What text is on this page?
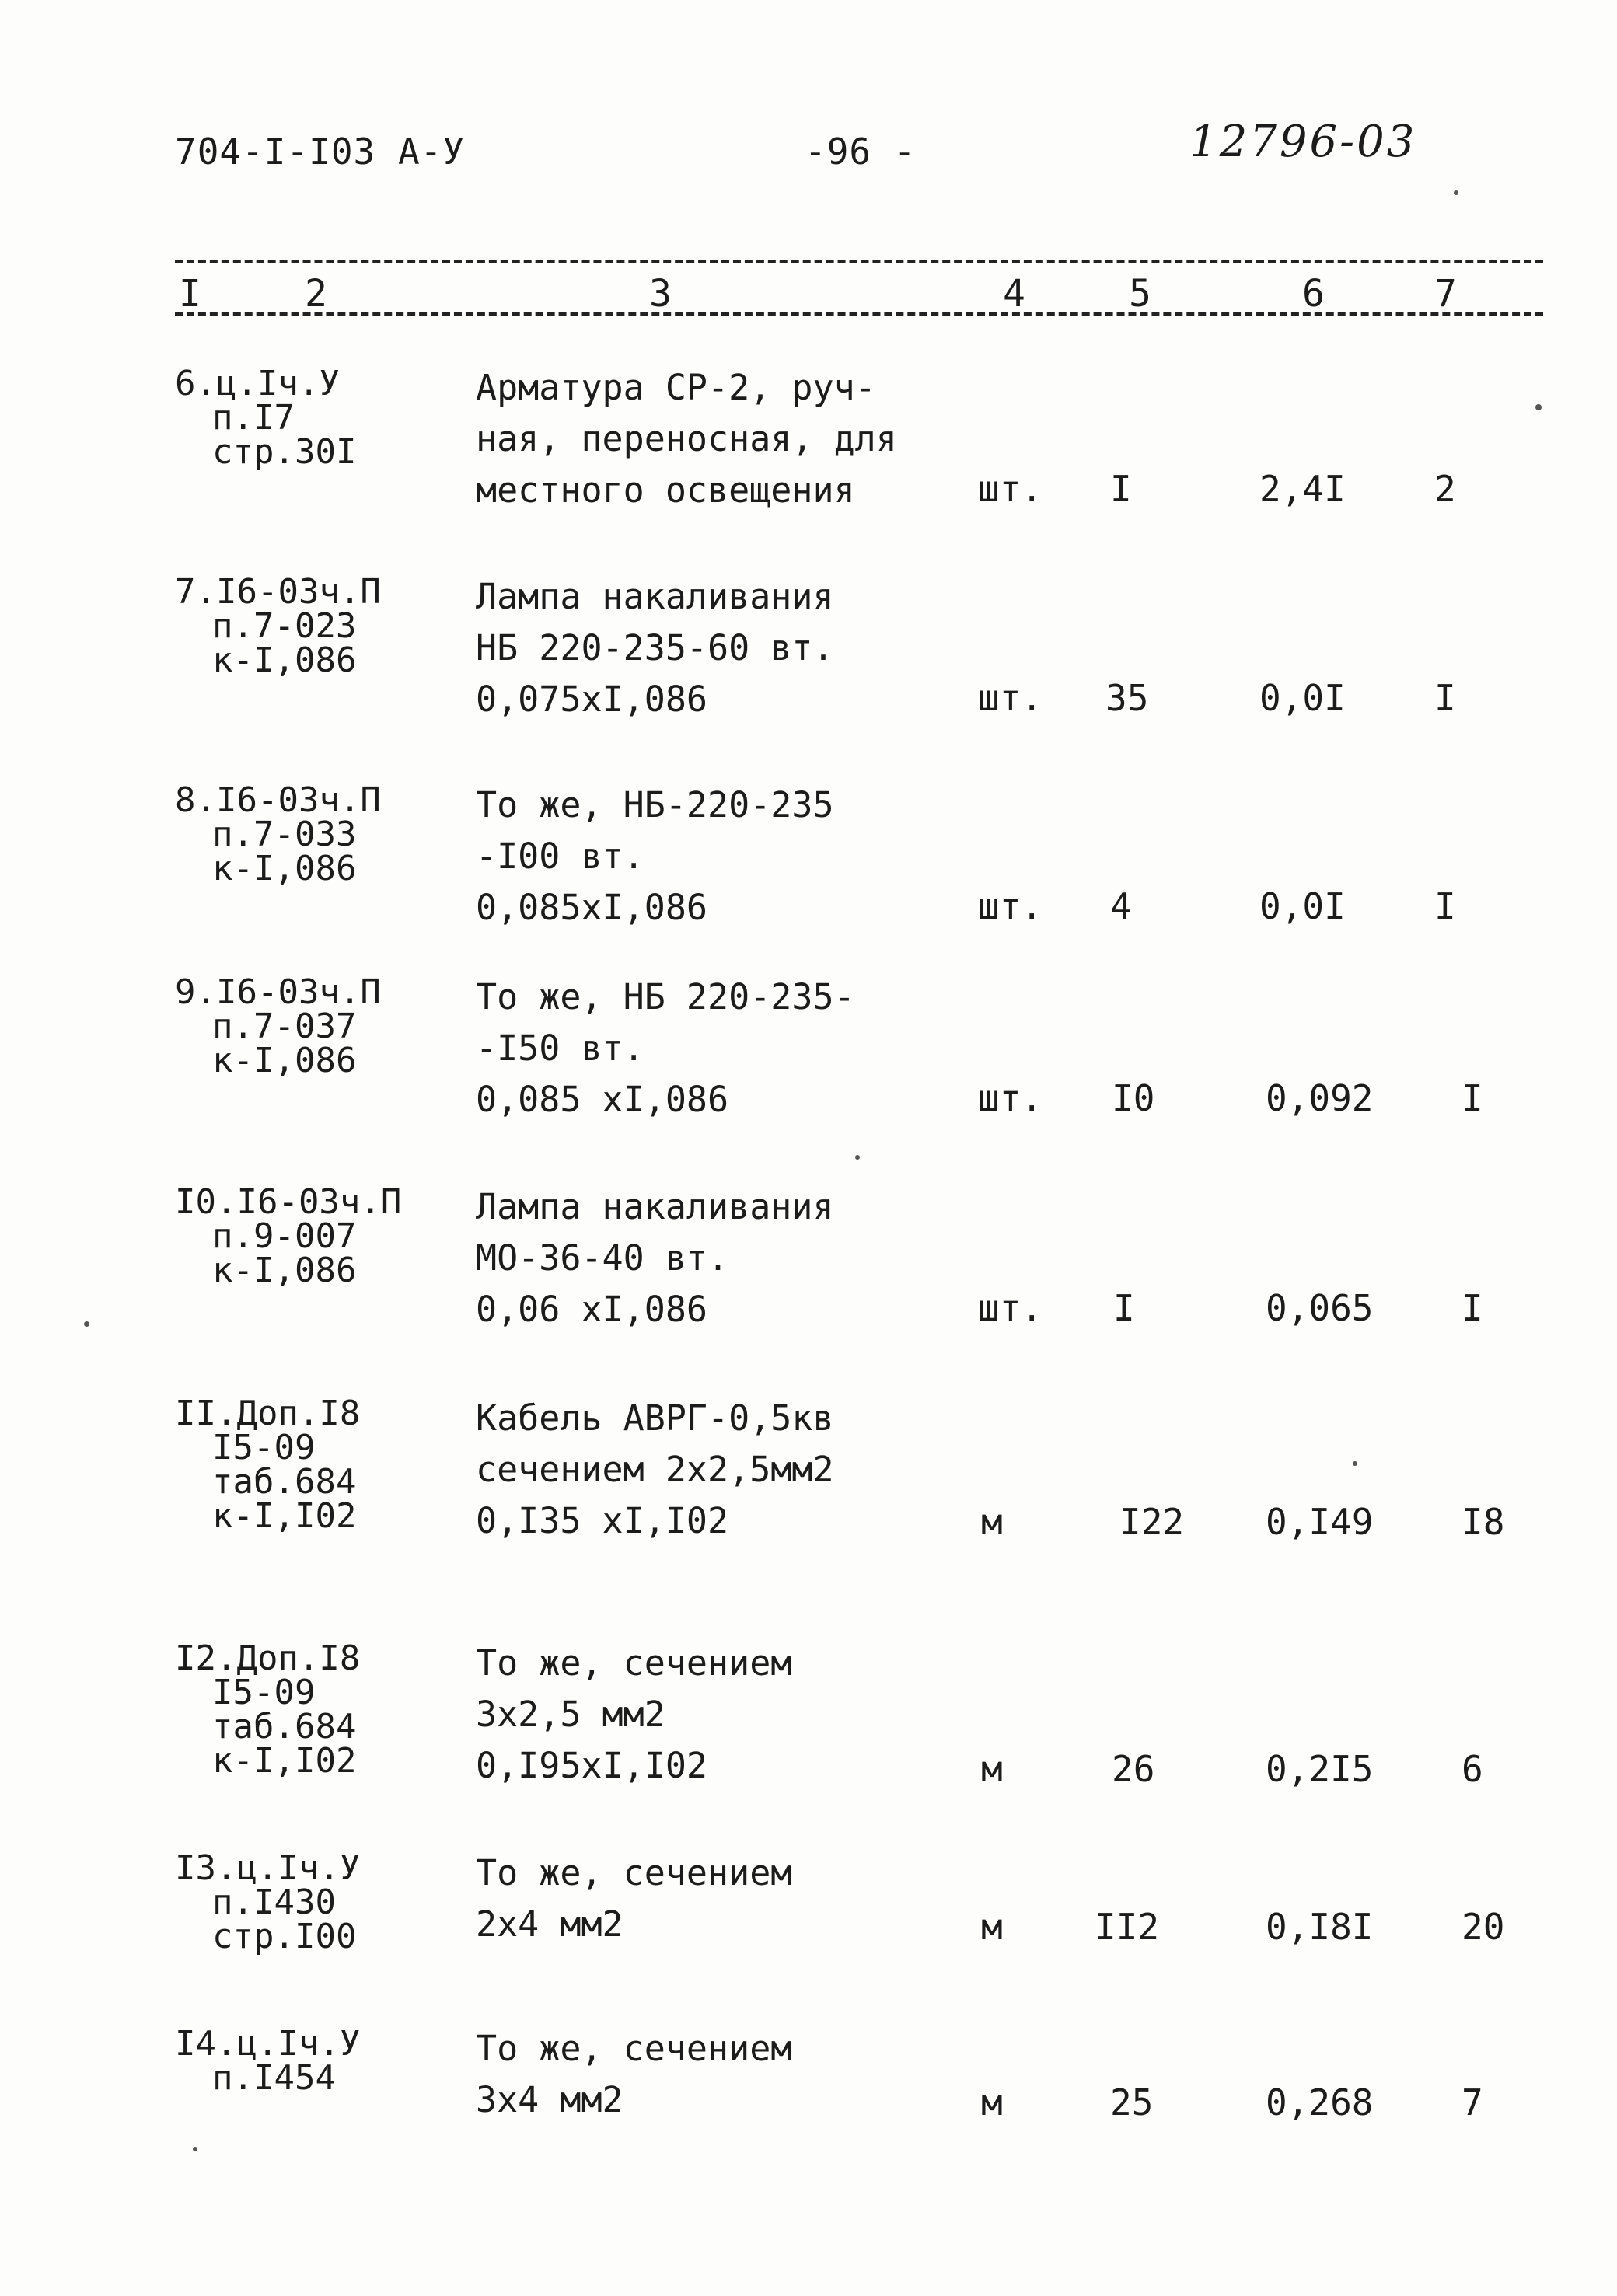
704-I-I03 А-У	-96 -	12796-03
I	2	3	4	5	6	7
6.ц.Iч.У
п.I7
стр.30I
Арматура СР-2, руч-
ная, переносная, для
местного освещения	шт. I	2,4I 2
7.I6-03ч.П
п.7-023
к-I,086
Лампа накаливания
НБ 220-235-60 вт.
0,075хI,086	шт. 35	0,0I I
8.I6-03ч.П
п.7-033
к-I,086
То же, НБ-220-235
-I00 вт.
0,085хI,086	шт. 4	0,0I I
9.I6-03ч.П
п.7-037
к-I,086
То же, НБ 220-235-
-I50 вт.
0,085 хI,086	шт. I0	0,092 I
I0.I6-03ч.П
п.9-007
к-I,086
Лампа накаливания
МО-36-40 вт.
0,06 хI,086	шт. I	0,065 I
II.Доп.I8
I5-09
таб.684
к-I,I02
Кабель АВРГ-0,5кв
сечением 2х2,5мм2
0,I35 хI,I02	м	I22 0,I49 I8
I2.Доп.I8
I5-09
таб.684
к-I,I02
То же, сечением
3х2,5 мм2
0,I95хI,I02	м	26	0,2I5 6
I3.ц.Iч.У
п.I430
стр.I00
То же, сечением
2х4 мм2	м	II2	0,I8I 20
I4.ц.Iч.У
п.I454
То же, сечением
3х4 мм2	м	25	0,268 7
